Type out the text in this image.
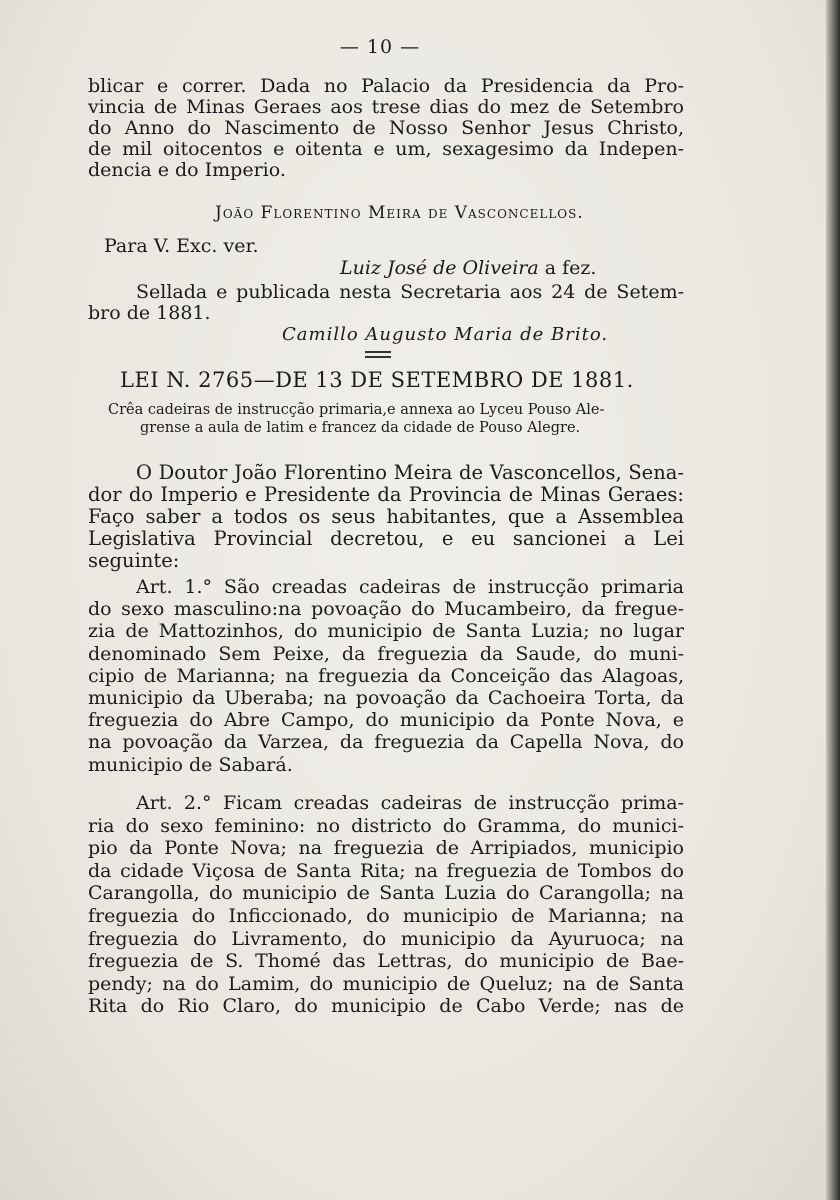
— 10 —
blicar e correr. Dada no Palacio da Presidencia da Pro-
vincia de Minas Geraes aos trese dias do mez de Setembro
do Anno do Nascimento de Nosso Senhor Jesus Christo,
de mil oitocentos e oitenta e um, sexagesimo da Indepen-
dencia e do Imperio.
João Florentino Meira de Vasconcellos.
Para V. Exc. ver.
Luiz José de Oliveira a fez.
Sellada e publicada nesta Secretaria aos 24 de Setem-
bro de 1881.
Camillo Augusto Maria de Brito.
LEI N. 2765—DE 13 DE SETEMBRO DE 1881.
Crêa cadeiras de instrucção primaria,e annexa ao Lyceu Pouso Ale-
grense a aula de latim e francez da cidade de Pouso Alegre.
O Doutor João Florentino Meira de Vasconcellos, Sena-
dor do Imperio e Presidente da Provincia de Minas Geraes:
Faço saber a todos os seus habitantes, que a Assemblea
Legislativa Provincial decretou, e eu sancionei a Lei
seguinte:
Art. 1.° São creadas cadeiras de instrucção primaria
do sexo masculino:na povoação do Mucambeiro, da fregue-
zia de Mattozinhos, do municipio de Santa Luzia; no lugar
denominado Sem Peixe, da freguezia da Saude, do muni-
cipio de Marianna; na freguezia da Conceição das Alagoas,
municipio da Uberaba; na povoação da Cachoeira Torta, da
freguezia do Abre Campo, do municipio da Ponte Nova, e
na povoação da Varzea, da freguezia da Capella Nova, do
municipio de Sabará.
Art. 2.° Ficam creadas cadeiras de instrucção prima-
ria do sexo feminino: no districto do Gramma, do munici-
pio da Ponte Nova; na freguezia de Arripiados, municipio
da cidade Viçosa de Santa Rita; na freguezia de Tombos do
Carangolla, do municipio de Santa Luzia do Carangolla; na
freguezia do Inficcionado, do municipio de Marianna; na
freguezia do Livramento, do municipio da Ayuruoca; na
freguezia de S. Thomé das Lettras, do municipio de Bae-
pendy; na do Lamim, do municipio de Queluz; na de Santa
Rita do Rio Claro, do municipio de Cabo Verde; nas de
